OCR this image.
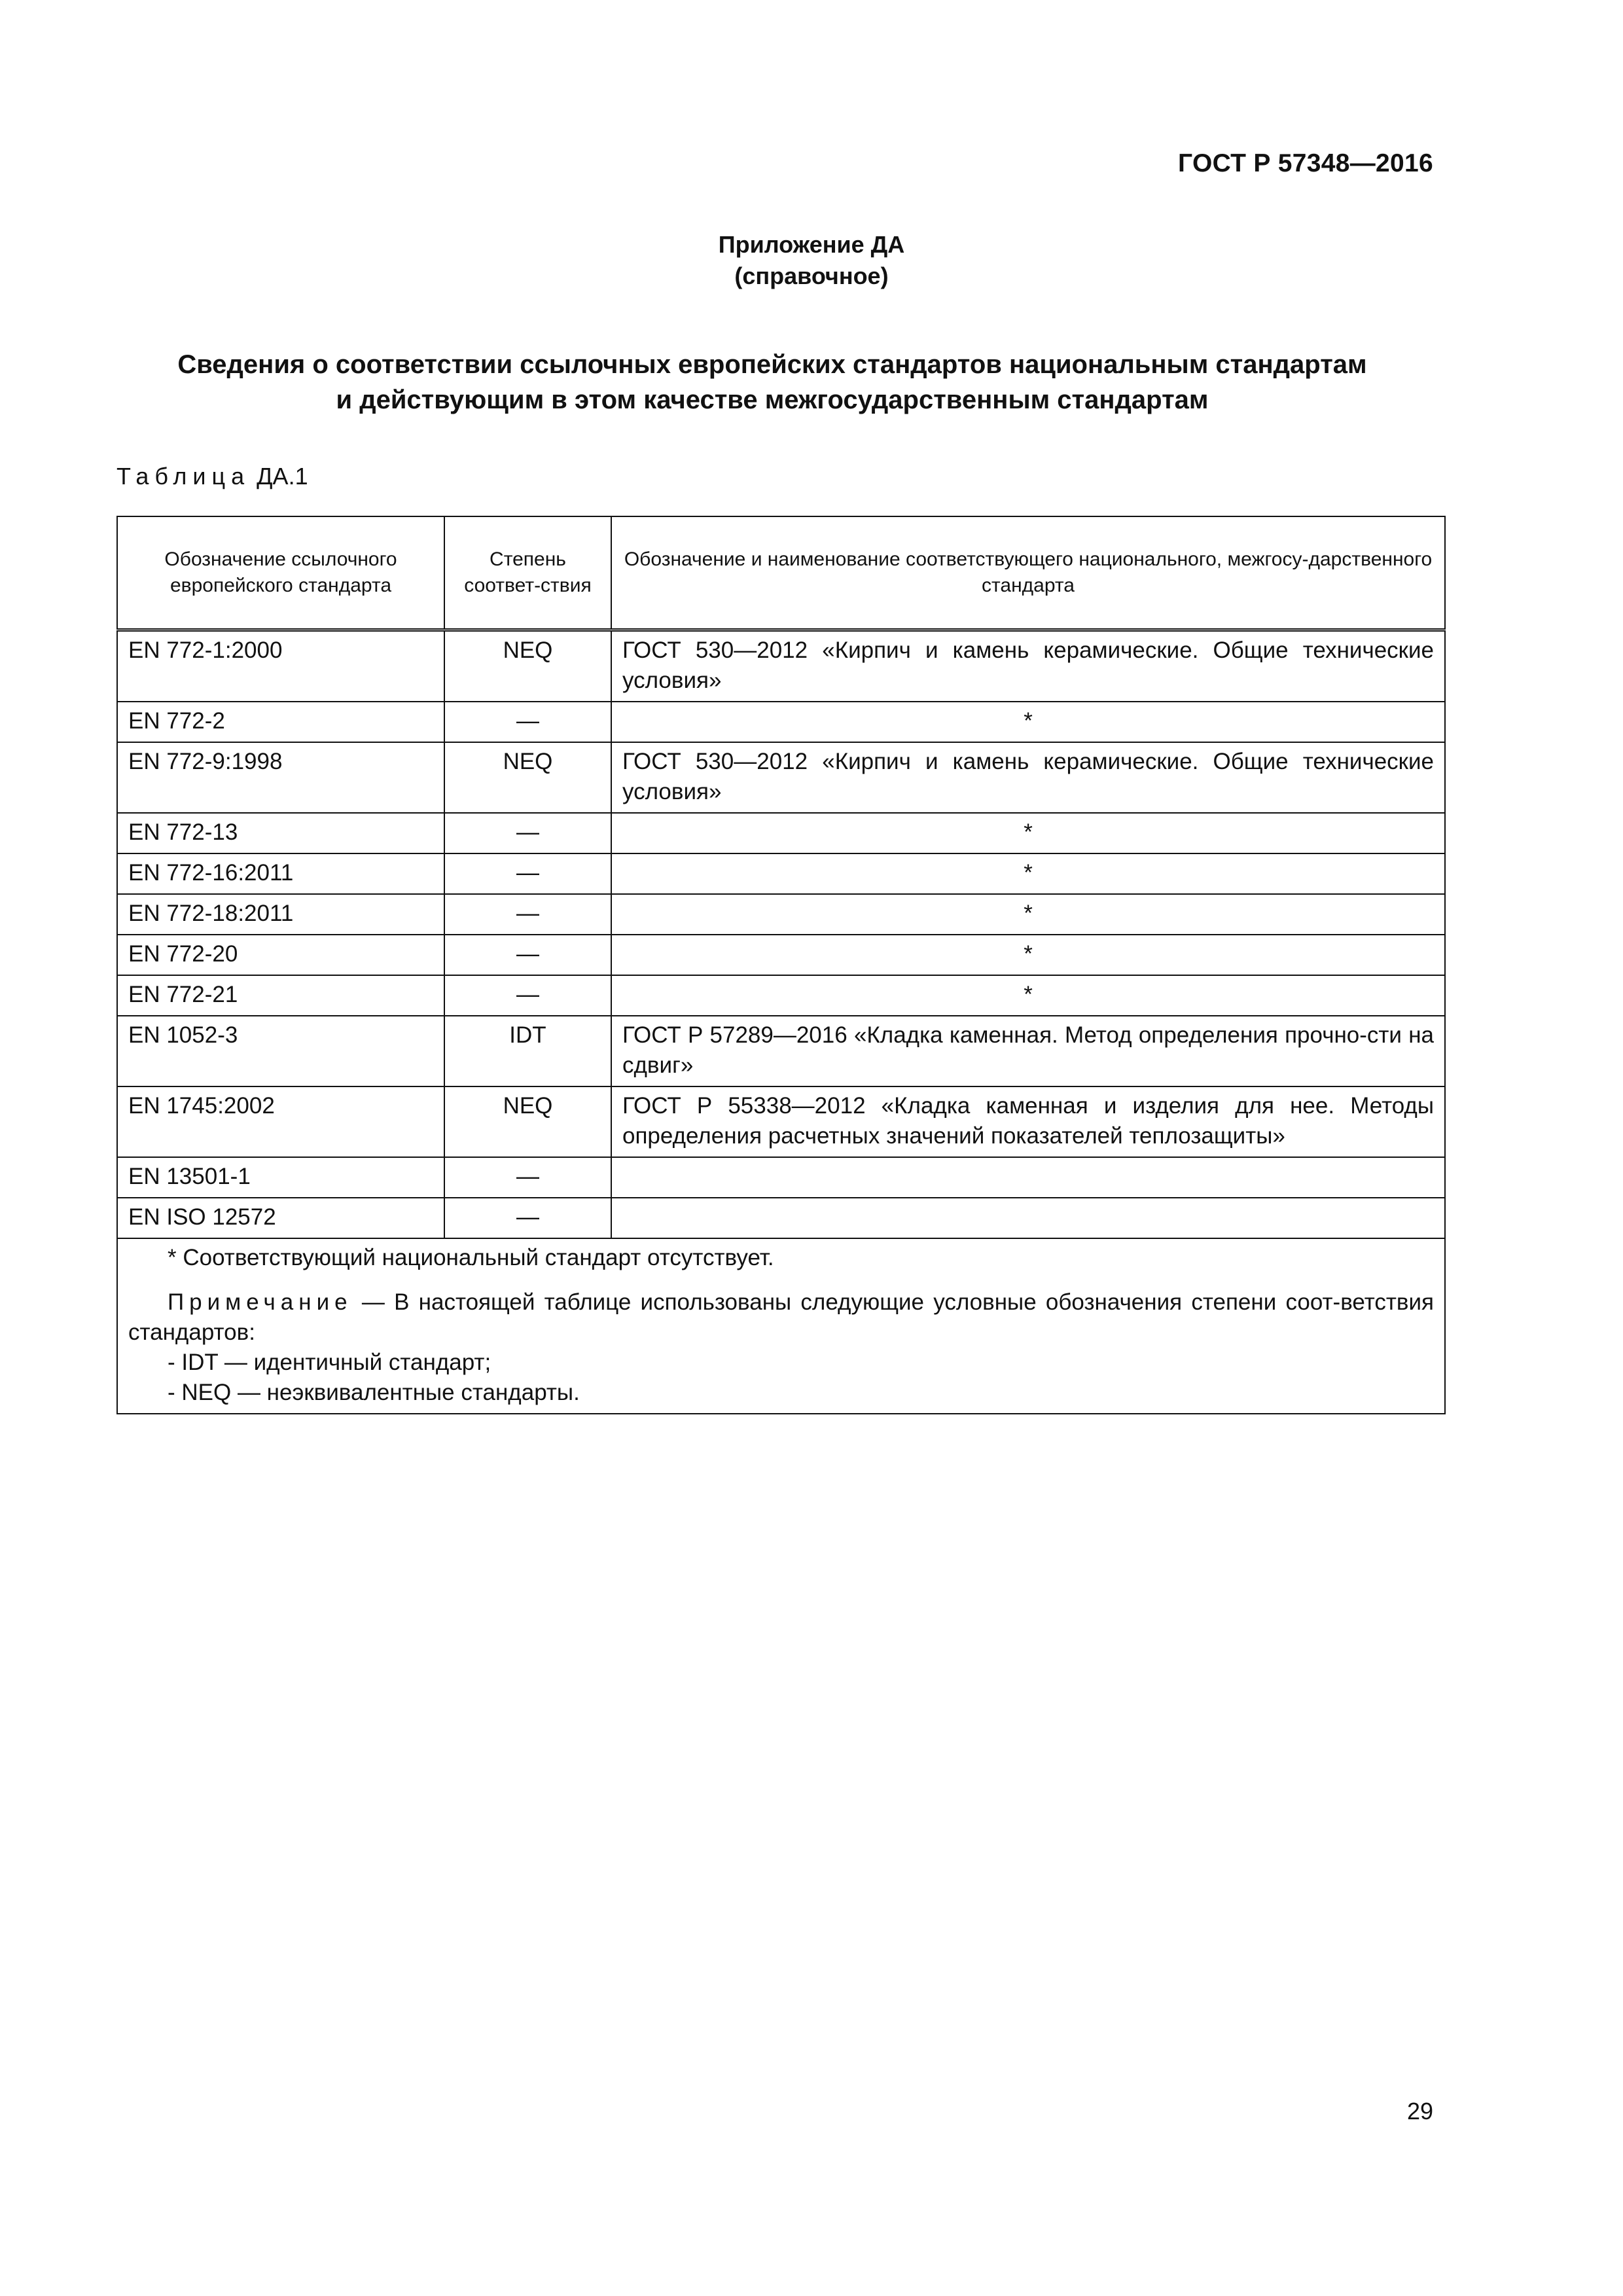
ГОСТ Р 57348—2016
Приложение ДА
(справочное)
Сведения о соответствии ссылочных европейских стандартов национальным стандартам
и действующим в этом качестве межгосударственным стандартам
Таблица ДА.1
Обозначение ссылочного европейского стандарта	Степень соответ-ствия	Обозначение и наименование соответствующего национального, межгосу-дарственного стандарта
EN 772-1:2000	NEQ	ГОСТ 530—2012 «Кирпич и камень керамические. Общие технические условия»
EN 772-2	—	*
EN 772-9:1998	NEQ	ГОСТ 530—2012 «Кирпич и камень керамические. Общие технические условия»
EN 772-13	—	*
EN 772-16:2011	—	*
EN 772-18:2011	—	*
EN 772-20	—	*
EN 772-21	—	*
EN 1052-3	IDT	ГОСТ Р 57289—2016 «Кладка каменная. Метод определения прочно-сти на сдвиг»
EN 1745:2002	NEQ	ГОСТ Р 55338—2012 «Кладка каменная и изделия для нее. Методы определения расчетных значений показателей теплозащиты»
EN 13501-1	—	
EN ISO 12572	—	

* Соответствующий национальный стандарт отсутствует.

Примечание — В настоящей таблице использованы следующие условные обозначения степени соот-ветствия стандартов:

- IDT — идентичный стандарт;

- NEQ — неэквивалентные стандарты.		

29
